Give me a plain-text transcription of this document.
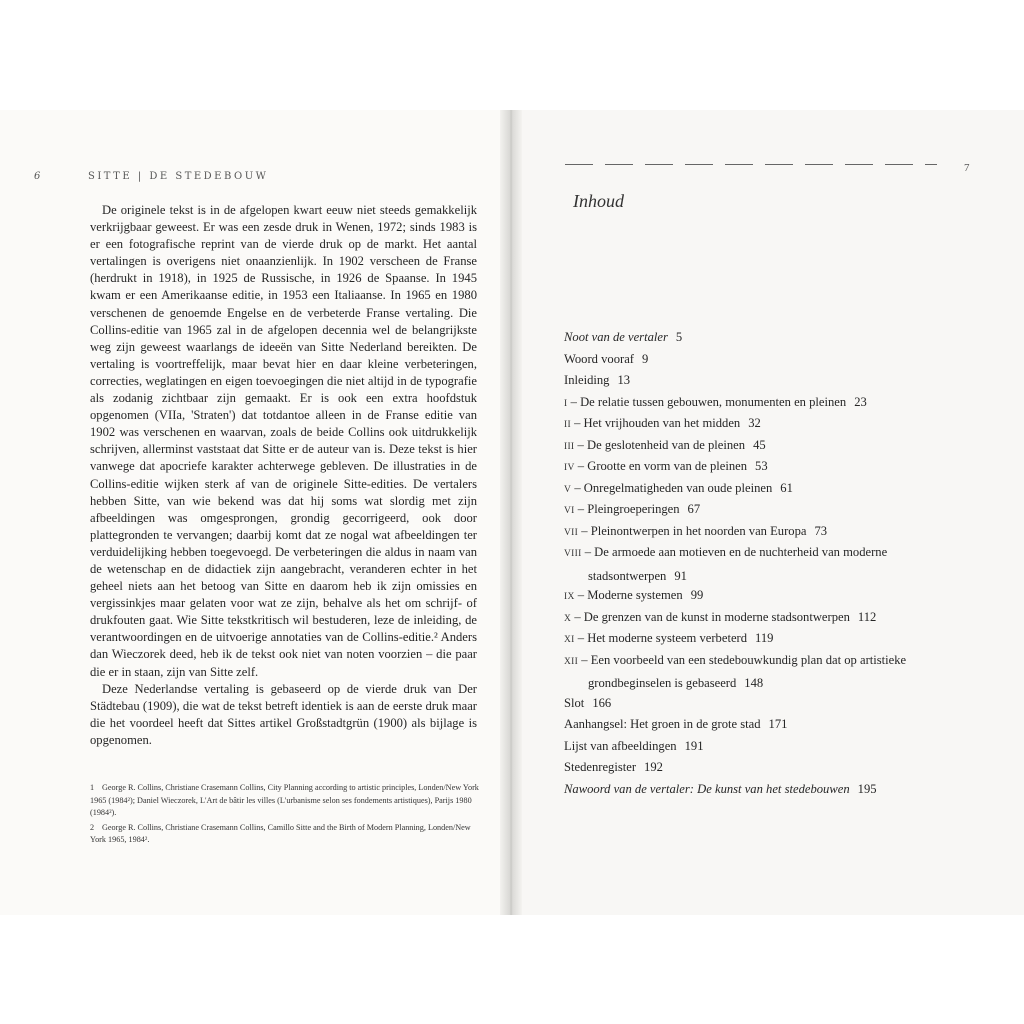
6	SITTE | DE STEDEBOUW

De originele tekst is in de afgelopen kwart eeuw niet steeds gemakkelijk verkrijgbaar geweest. Er was een zesde druk in Wenen, 1972; sinds 1983 is er een fotografische reprint van de vierde druk op de markt. Het aantal vertalingen is overigens niet onaanzienlijk. In 1902 verscheen de Franse (herdrukt in 1918), in 1925 de Russische, in 1926 de Spaanse. In 1945 kwam er een Amerikaanse editie, in 1953 een Italiaanse. In 1965 en 1980 verschenen de genoemde Engelse en de verbeterde Franse vertaling. Die Collins-editie van 1965 zal in de afgelopen decennia wel de belangrijkste weg zijn geweest waarlangs de ideeën van Sitte Nederland bereikten. De vertaling is voortreffelijk, maar bevat hier en daar kleine verbeteringen, correcties, weglatingen en eigen toevoegingen die niet altijd in de typografie als zodanig zichtbaar zijn gemaakt. Er is ook een extra hoofdstuk opgenomen (VIIa, 'Straten') dat totdantoe alleen in de Franse editie van 1902 was verschenen en waarvan, zoals de beide Collins ook uitdrukkelijk schrijven, allerminst vaststaat dat Sitte er de auteur van is. Deze tekst is hier vanwege dat apocriefe karakter achterwege gebleven. De illustraties in de Collins-editie wijken sterk af van de originele Sitte-edities. De vertalers hebben Sitte, van wie bekend was dat hij soms wat slordig met zijn afbeeldingen was omgesprongen, grondig gecorrigeerd, ook door plattegronden te vervangen; daarbij komt dat ze nogal wat afbeeldingen ter verduidelijking hebben toegevoegd. De verbeteringen die aldus in naam van de wetenschap en de didactiek zijn aangebracht, veranderen echter in het geheel niets aan het betoog van Sitte en daarom heb ik zijn omissies en vergissinkjes maar gelaten voor wat ze zijn, behalve als het om schrijf- of drukfouten gaat. Wie Sitte tekstkritisch wil bestuderen, leze de inleiding, de verantwoordingen en de uitvoerige annotaties van de Collins-editie.² Anders dan Wieczorek deed, heb ik de tekst ook niet van noten voorzien – die paar die er in staan, zijn van Sitte zelf.

Deze Nederlandse vertaling is gebaseerd op de vierde druk van Der Städtebau (1909), die wat de tekst betreft identiek is aan de eerste druk maar die het voordeel heeft dat Sittes artikel Großstadtgrün (1900) als bijlage is opgenomen.

1 George R. Collins, Christiane Crasemann Collins, City Planning according to artistic principles, Londen/New York 1965 (1984²); Daniel Wieczorek, L'Art de bâtir les villes (L'urbanisme selon ses fondements artistiques), Parijs 1980 (1984²).
2 George R. Collins, Christiane Crasemann Collins, Camillo Sitte and the Birth of Modern Planning, Londen/New York 1965, 1984².
7
Inhoud
Noot van de vertaler 5
Woord vooraf 9
Inleiding 13
I – De relatie tussen gebouwen, monumenten en pleinen 23
II – Het vrijhouden van het midden 32
III – De geslotenheid van de pleinen 45
IV – Grootte en vorm van de pleinen 53
V – Onregelmatigheden van oude pleinen 61
VI – Pleingroeperingen 67
VII – Pleinontwerpen in het noorden van Europa 73
VIII – De armoede aan motieven en de nuchterheid van moderne
stadsontwerpen 91
IX – Moderne systemen 99
X – De grenzen van de kunst in moderne stadsontwerpen 112
XI – Het moderne systeem verbeterd 119
XII – Een voorbeeld van een stedebouwkundig plan dat op artistieke
grondbeginselen is gebaseerd 148
Slot 166
Aanhangsel: Het groen in de grote stad 171
Lijst van afbeeldingen 191
Stedenregister 192
Nawoord van de vertaler: De kunst van het stedebouwen 195
